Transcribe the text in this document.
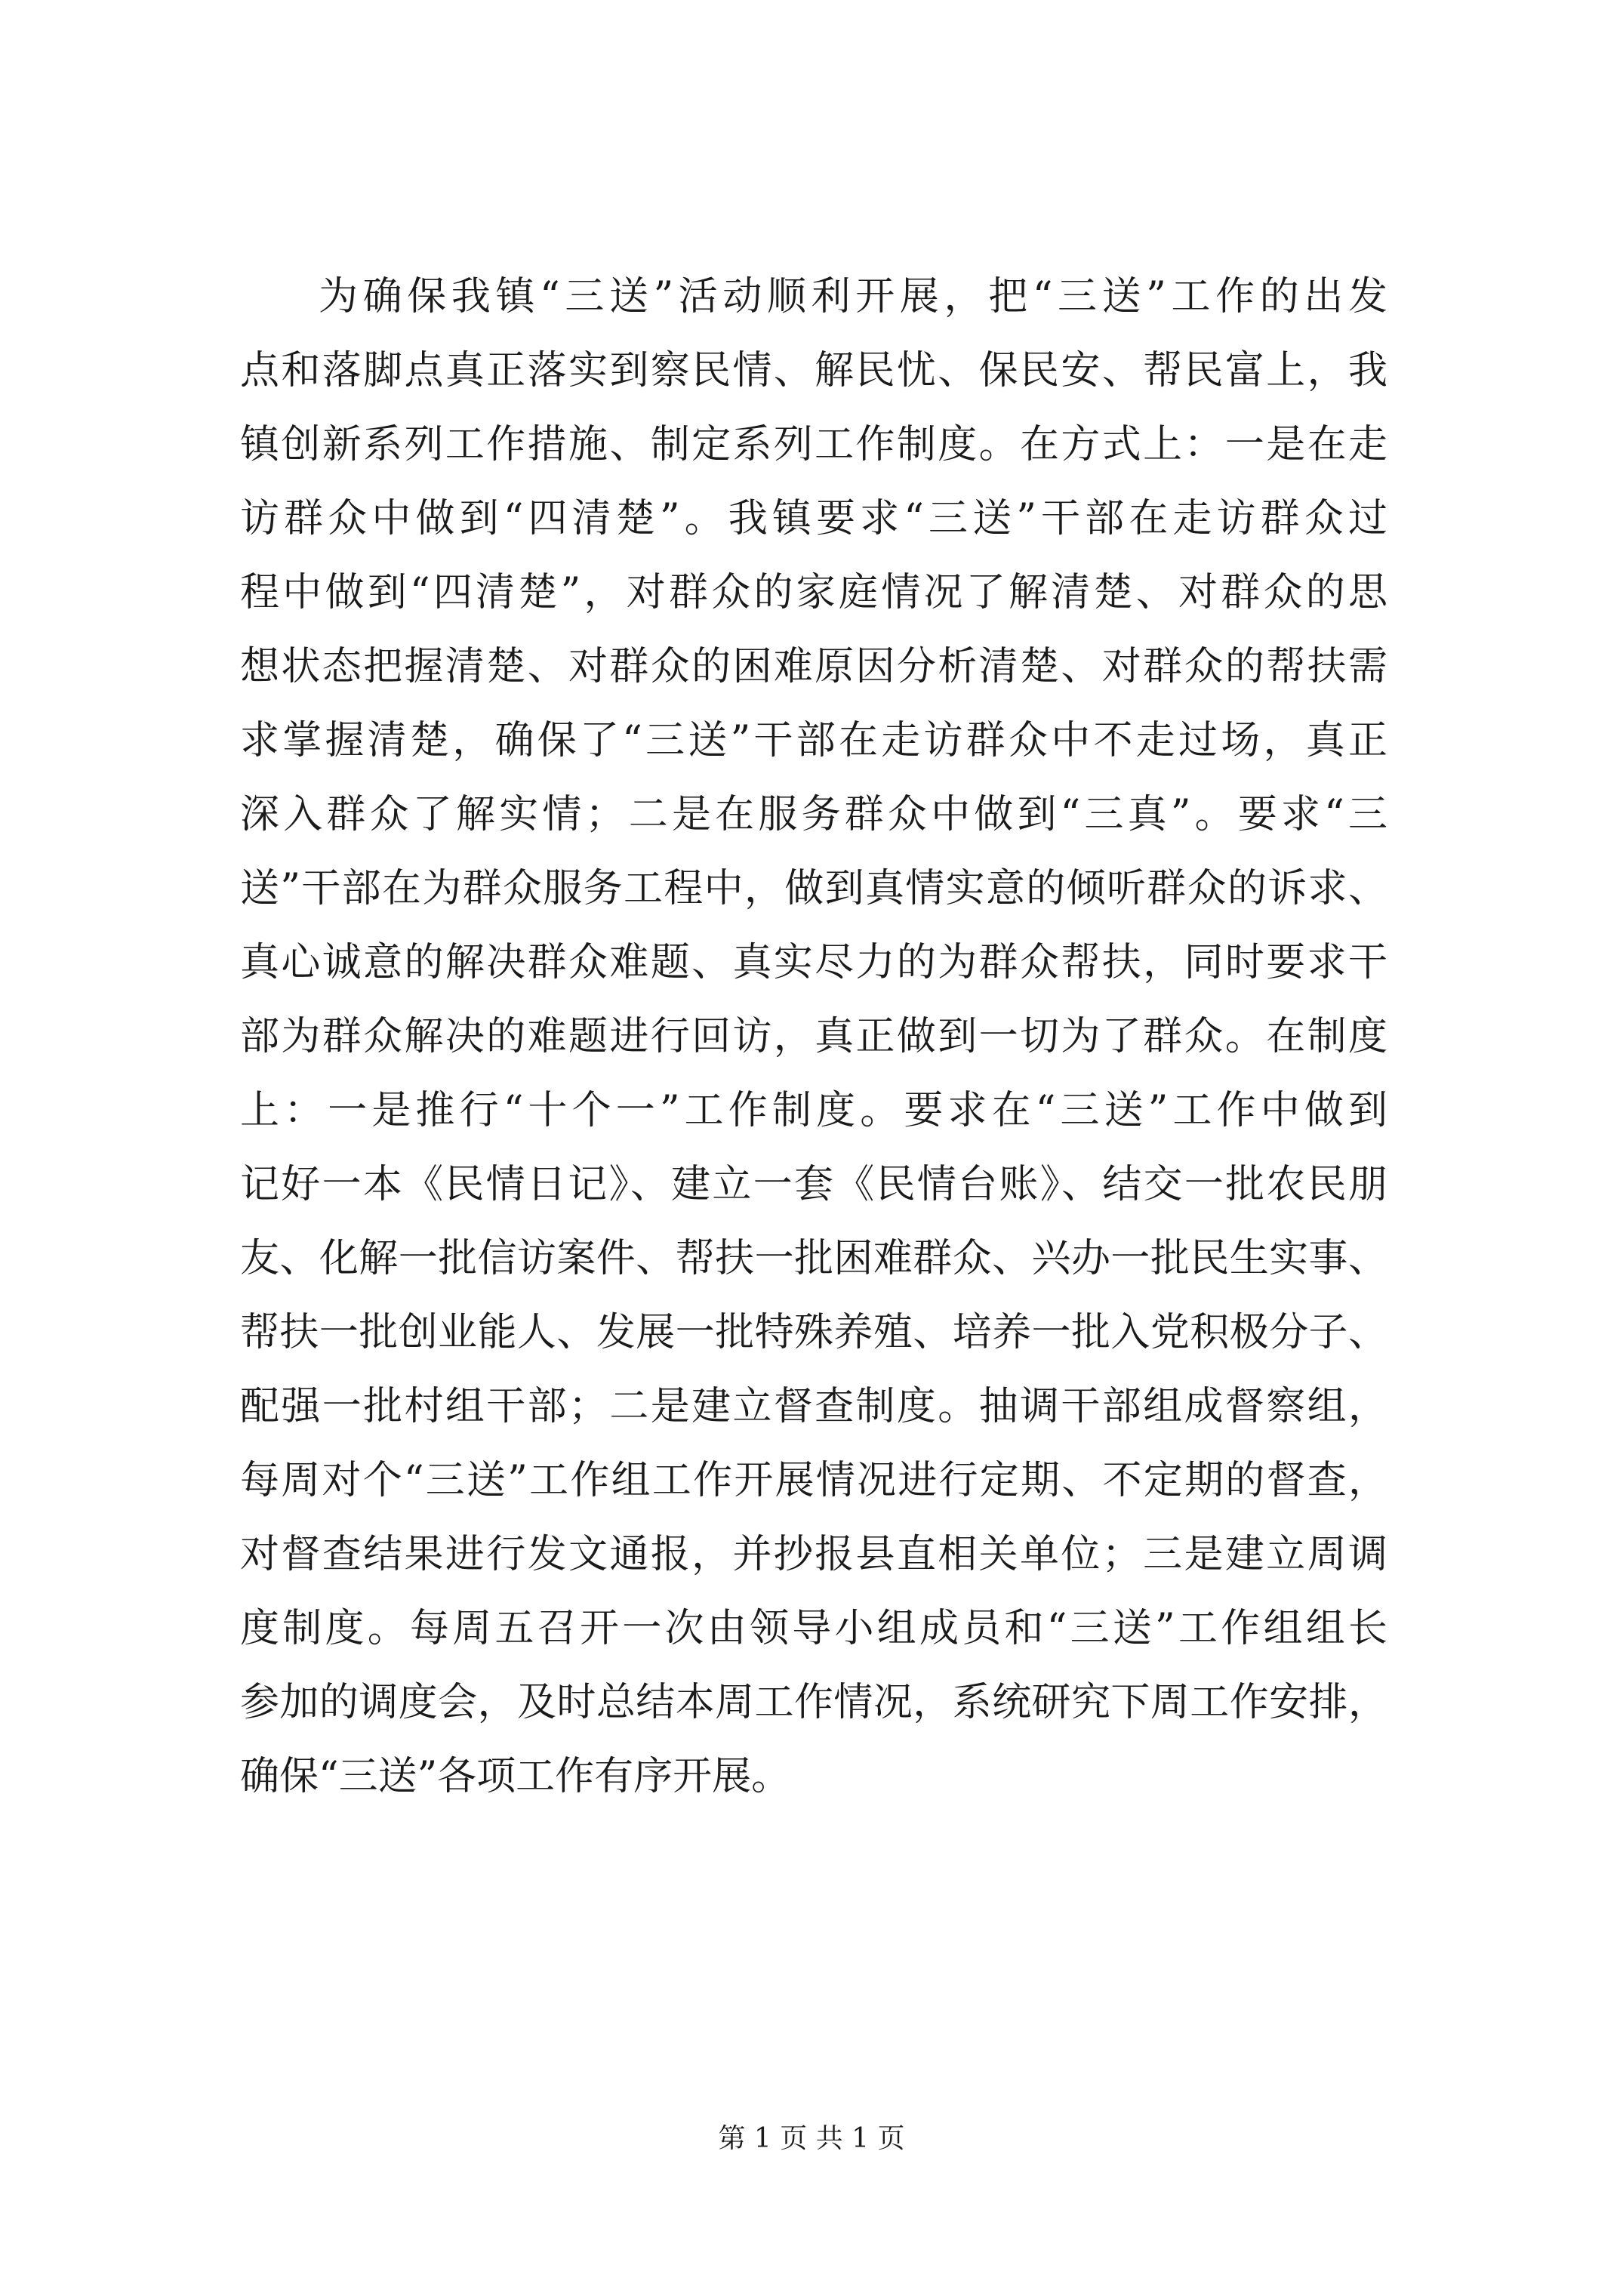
为确保我镇“三送”活动顺利开展，把“三送”工作的出发
点和落脚点真正落实到察民情、解民忧、保民安、帮民富上，我
镇创新系列工作措施、制定系列工作制度。在方式上：一是在走
访群众中做到“四清楚”。我镇要求“三送”干部在走访群众过
程中做到“四清楚”，对群众的家庭情况了解清楚、对群众的思
想状态把握清楚、对群众的困难原因分析清楚、对群众的帮扶需
求掌握清楚，确保了“三送”干部在走访群众中不走过场，真正
深入群众了解实情；二是在服务群众中做到“三真”。要求“三
送”干部在为群众服务工程中，做到真情实意的倾听群众的诉求、
真心诚意的解决群众难题、真实尽力的为群众帮扶，同时要求干
部为群众解决的难题进行回访，真正做到一切为了群众。在制度
上：一是推行“十个一”工作制度。要求在“三送”工作中做到
记好一本《民情日记》、建立一套《民情台账》、结交一批农民朋
友、化解一批信访案件、帮扶一批困难群众、兴办一批民生实事、
帮扶一批创业能人、发展一批特殊养殖、培养一批入党积极分子、
配强一批村组干部；二是建立督查制度。抽调干部组成督察组，
每周对个“三送”工作组工作开展情况进行定期、不定期的督查，
对督查结果进行发文通报，并抄报县直相关单位；三是建立周调
度制度。每周五召开一次由领导小组成员和“三送”工作组组长
参加的调度会，及时总结本周工作情况，系统研究下周工作安排，
确保“三送”各项工作有序开展。
第 1 页 共 1 页
